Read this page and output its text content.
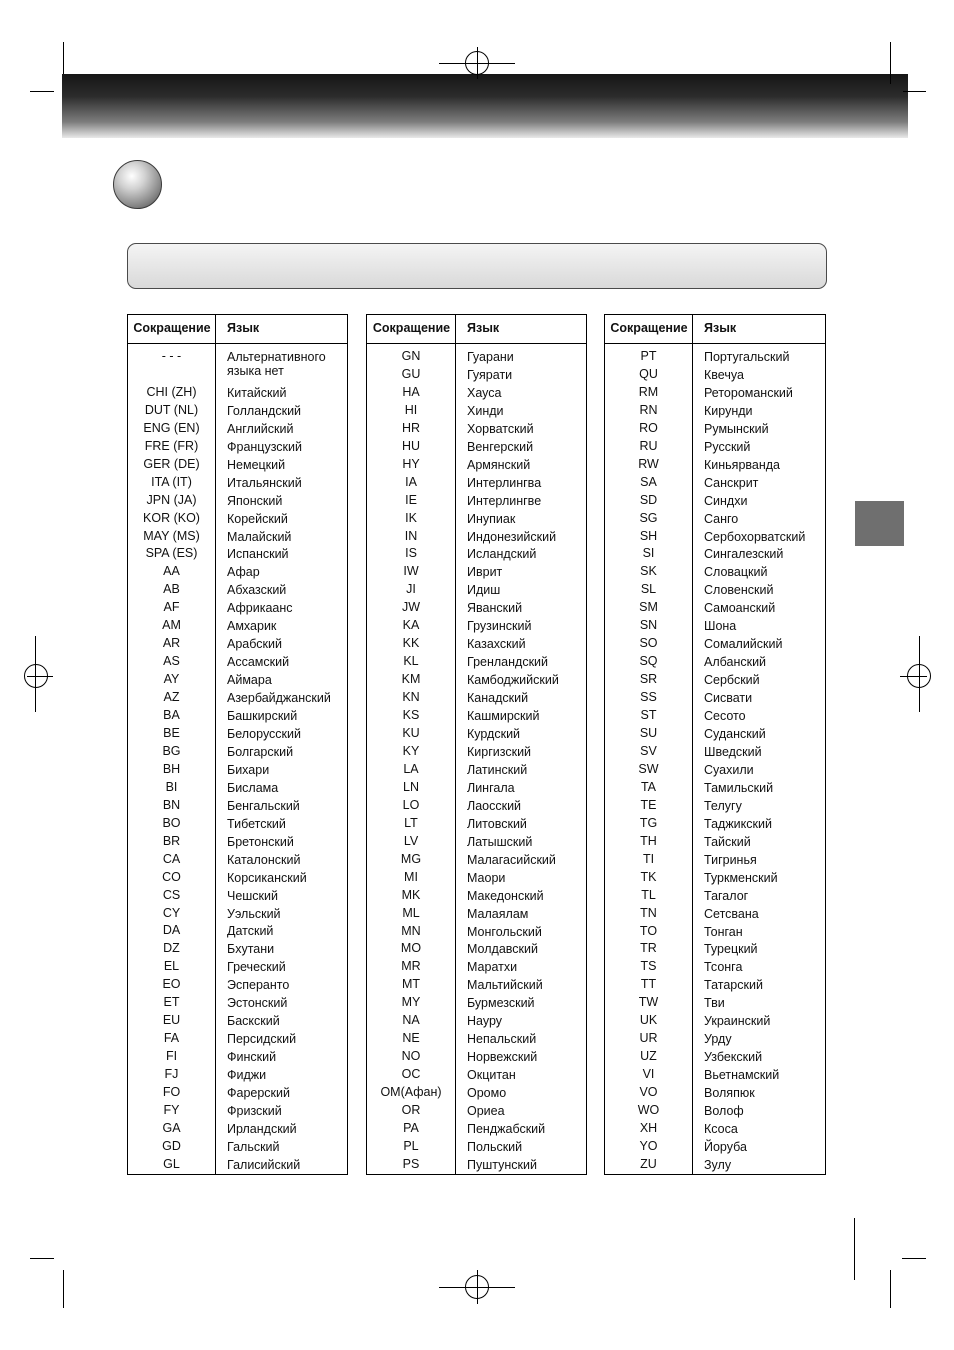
Сокращение	Язык
- - -	Альтернативного
языка нет
CHI (ZH)	Китайский
DUT (NL)	Голландский
ENG (EN)	Английский
FRE (FR)	Французский
GER (DE)	Немецкий
ITA (IT)	Итальянский
JPN (JA)	Японский
KOR (KO)	Корейский
MAY (MS)	Малайский
SPA (ES)	Испанский
AA	Афар
AB	Абхазский
AF	Африкаанс
AM	Амхарик
AR	Арабский
AS	Ассамский
AY	Аймара
AZ	Азербайджанский
BA	Башкирский
BE	Белорусский
BG	Болгарский
BH	Бихари
BI	Бислама
BN	Бенгальский
BO	Тибетский
BR	Бретонский
CA	Каталонский
CO	Корсиканский
CS	Чешский
CY	Уэльский
DA	Датский
DZ	Бхутани
EL	Греческий
EO	Эсперанто
ET	Эстонский
EU	Баскский
FA	Персидский
FI	Финский
FJ	Фиджи
FO	Фарерский
FY	Фризский
GA	Ирландский
GD	Гальский
GL	Галисийский
Сокращение	Язык
GN	Гуарани
GU	Гуярати
HA	Хауса
HI	Хинди
HR	Хорватский
HU	Венгерский
HY	Армянский
IA	Интерлингва
IE	Интерлингве
IK	Инупиак
IN	Индонезийский
IS	Исландский
IW	Иврит
JI	Идиш
JW	Яванский
KA	Грузинский
KK	Казахский
KL	Гренландский
KM	Камбоджийский
KN	Канадский
KS	Кашмирский
KU	Курдский
KY	Киргизский
LA	Латинский
LN	Лингала
LO	Лаосский
LT	Литовский
LV	Латышский
MG	Малагасийский
MI	Маори
MK	Македонский
ML	Малаялам
MN	Монгольский
MO	Молдавский
MR	Маратхи
MT	Мальтийский
MY	Бурмезский
NA	Науру
NE	Непальский
NO	Норвежский
OC	Окцитан
OM(Афан)	Оромо
OR	Ориеа
PA	Пенджабский
PL	Польский
PS	Пуштунский
Сокращение	Язык
PT	Португальский
QU	Квечуа
RM	Ретороманский
RN	Кирунди
RO	Румынский
RU	Русский
RW	Киньярванда
SA	Санскрит
SD	Синдхи
SG	Санго
SH	Сербохорватский
SI	Сингалезский
SK	Словацкий
SL	Словенский
SM	Самоанский
SN	Шона
SO	Сомалийский
SQ	Албанский
SR	Сербский
SS	Сисвати
ST	Сесото
SU	Суданский
SV	Шведский
SW	Суахили
TA	Тамильский
TE	Телугу
TG	Таджикский
TH	Тайский
TI	Тигринья
TK	Туркменский
TL	Тагалог
TN	Сетсвана
TO	Тонган
TR	Турецкий
TS	Тсонга
TT	Татарский
TW	Тви
UK	Украинский
UR	Урду
UZ	Узбекский
VI	Вьетнамский
VO	Воляпюк
WO	Волоф
XH	Ксоса
YO	Йоруба
ZU	Зулу
